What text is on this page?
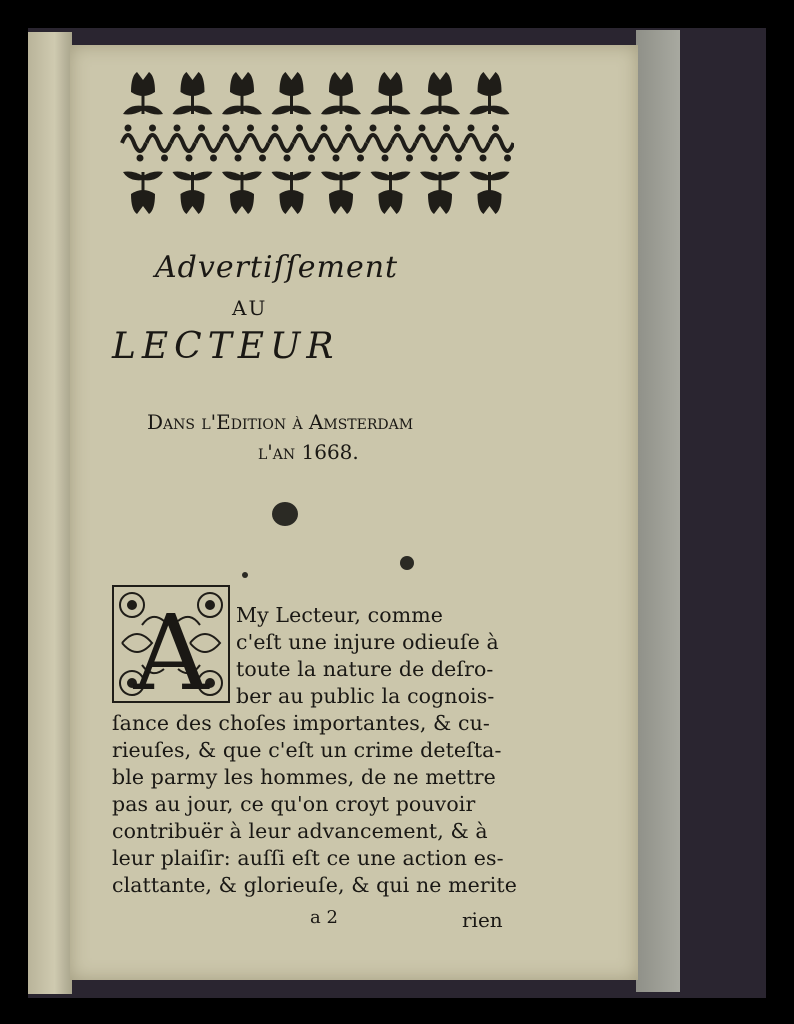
Advertiſſement
AU
LECTEUR
Dans l'Edition à Amsterdam
l'an 1668.
A My Lecteur, comme
c'eſt une injure odieuſe à
toute la nature de deſro-
ber au public la cognois-
ſance des choſes importantes, & cu-
rieuſes, & que c'eſt un crime deteſta-
ble parmy les hommes, de ne mettre
pas au jour, ce qu'on croyt pouvoir
contribuër à leur advancement, & à
leur plaiſir: auſſi eſt ce une action es-
clattante, & glorieuſe, & qui ne merite
a 2	rien
